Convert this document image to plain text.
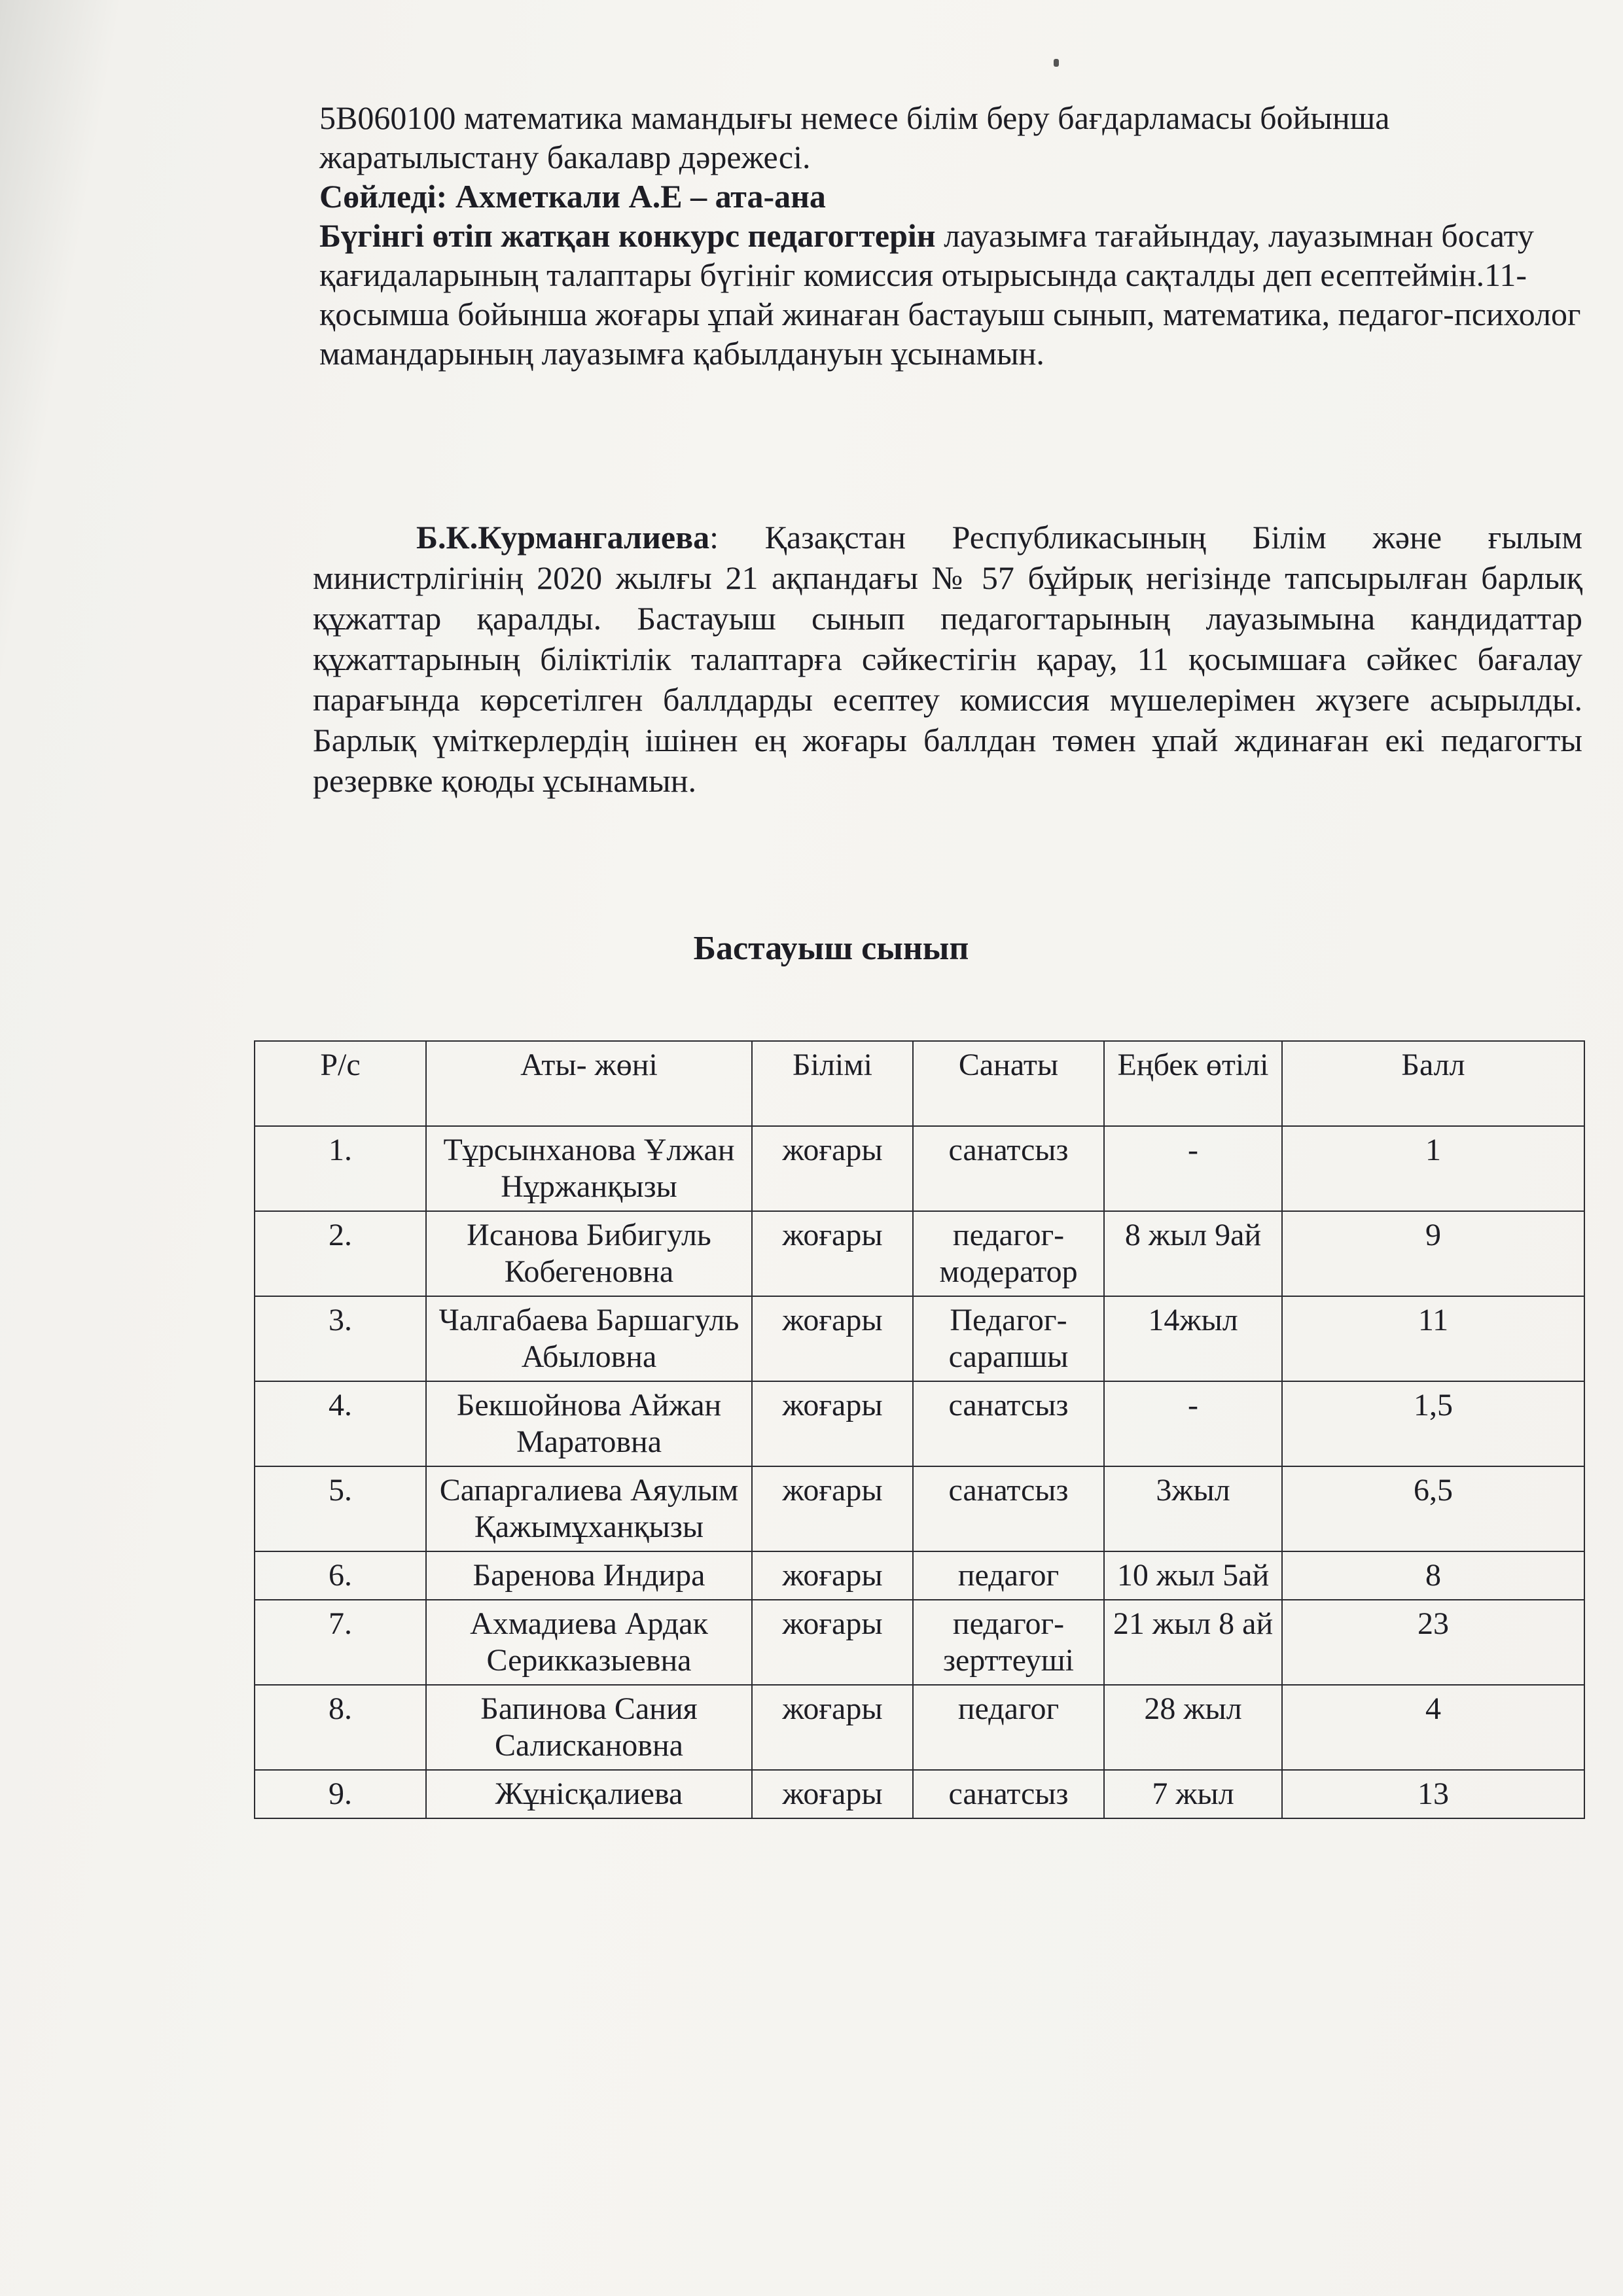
5В060100 математика мамандығы немесе білім беру бағдарламасы бойынша

жаратылыстану бакалавр дәрежесі.

Сөйледі: Ахметкали А.Е – ата-ана

Бүгінгі өтіп жатқан конкурс педагогтерін лауазымға тағайындау, лауазымнан босату қағидаларының талаптары бүгініг комиссия отырысында сақталды деп есептеймін.11-қосымша бойынша жоғары ұпай жинаған бастауыш сынып, математика, педагог-психолог мамандарының лауазымға қабылдануын ұсынамын.

Б.К.Курмангалиева: Қазақстан Республикасының Білім және ғылым министрлігінің 2020 жылғы 21 ақпандағы № 57 бұйрық негізінде тапсырылған барлық құжаттар қаралды. Бастауыш сынып педагогтарының лауазымына кандидаттар құжаттарының біліктілік талаптарға сәйкестігін қарау, 11 қосымшаға сәйкес бағалау парағында көрсетілген баллдарды есептеу комиссия мүшелерімен жүзеге асырылды. Барлық үміткерлердің ішінен ең жоғары баллдан төмен ұпай ждинаған екі педагогты резервке қоюды ұсынамын.
Бастауыш сынып
Р/с	Аты- жөні	Білімі	Санаты	Еңбек өтілі	Балл
1.	Тұрсынханова Ұлжан Нұржанқызы	жоғары	санатсыз	-	1
2.	Исанова Бибигуль Кобегеновна	жоғары	педагог-модератор	8 жыл 9ай	9
3.	Чалгабаева Баршагуль Абыловна	жоғары	Педагог-сарапшы	14жыл	11
4.	Бекшойнова Айжан Маратовна	жоғары	санатсыз	-	1,5
5.	Сапаргалиева Аяулым Қажымұханқызы	жоғары	санатсыз	3жыл	6,5
6.	Баренова Индира	жоғары	педагог	10 жыл 5ай	8
7.	Ахмадиева Ардак Серикказыевна	жоғары	педагог-зерттеуші	21 жыл 8 ай	23
8.	Бапинова Сания Салискановна	жоғары	педагог	28 жыл	4
9.	Жұнісқалиева	жоғары	санатсыз	7 жыл	13
